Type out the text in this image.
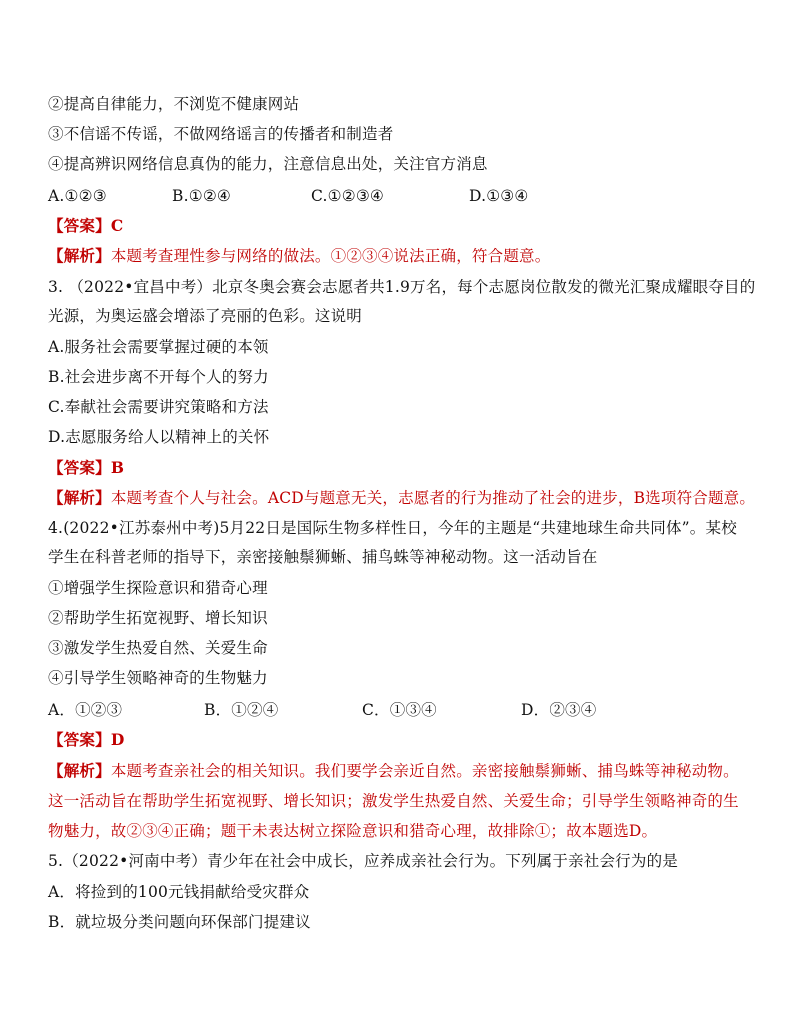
②提高自律能力，不浏览不健康网站
③不信谣不传谣，不做网络谣言的传播者和制造者
④提高辨识网络信息真伪的能力，注意信息出处，关注官方消息
A.①②③	B.①②④	C.①②③④	D.①③④
【答案】C
【解析】本题考查理性参与网络的做法。①②③④说法正确，符合题意。
3. （2022•宜昌中考）北京冬奥会赛会志愿者共1.9万名，每个志愿岗位散发的微光汇聚成耀眼夺目的
光源，为奥运盛会增添了亮丽的色彩。这说明
A.服务社会需要掌握过硬的本领
B.社会进步离不开每个人的努力
C.奉献社会需要讲究策略和方法
D.志愿服务给人以精神上的关怀
【答案】B
【解析】本题考查个人与社会。ACD与题意无关，志愿者的行为推动了社会的进步，B选项符合题意。
4.(2022•江苏泰州中考)5月22日是国际生物多样性日，今年的主题是“共建地球生命共同体”。某校
学生在科普老师的指导下，亲密接触鬃狮蜥、捕鸟蛛等神秘动物。这一活动旨在
①增强学生探险意识和猎奇心理
②帮助学生拓宽视野、增长知识
③激发学生热爱自然、关爱生命
④引导学生领略神奇的生物魅力
A．①②③	B．①②④	C．①③④	D．②③④
【答案】D
【解析】本题考查亲社会的相关知识。我们要学会亲近自然。亲密接触鬃狮蜥、捕鸟蛛等神秘动物。
这一活动旨在帮助学生拓宽视野、增长知识；激发学生热爱自然、关爱生命；引导学生领略神奇的生
物魅力，故②③④正确；题干未表达树立探险意识和猎奇心理，故排除①；故本题选D。
5.（2022•河南中考）青少年在社会中成长，应养成亲社会行为。下列属于亲社会行为的是
A．将捡到的100元钱捐献给受灾群众
B．就垃圾分类问题向环保部门提建议
